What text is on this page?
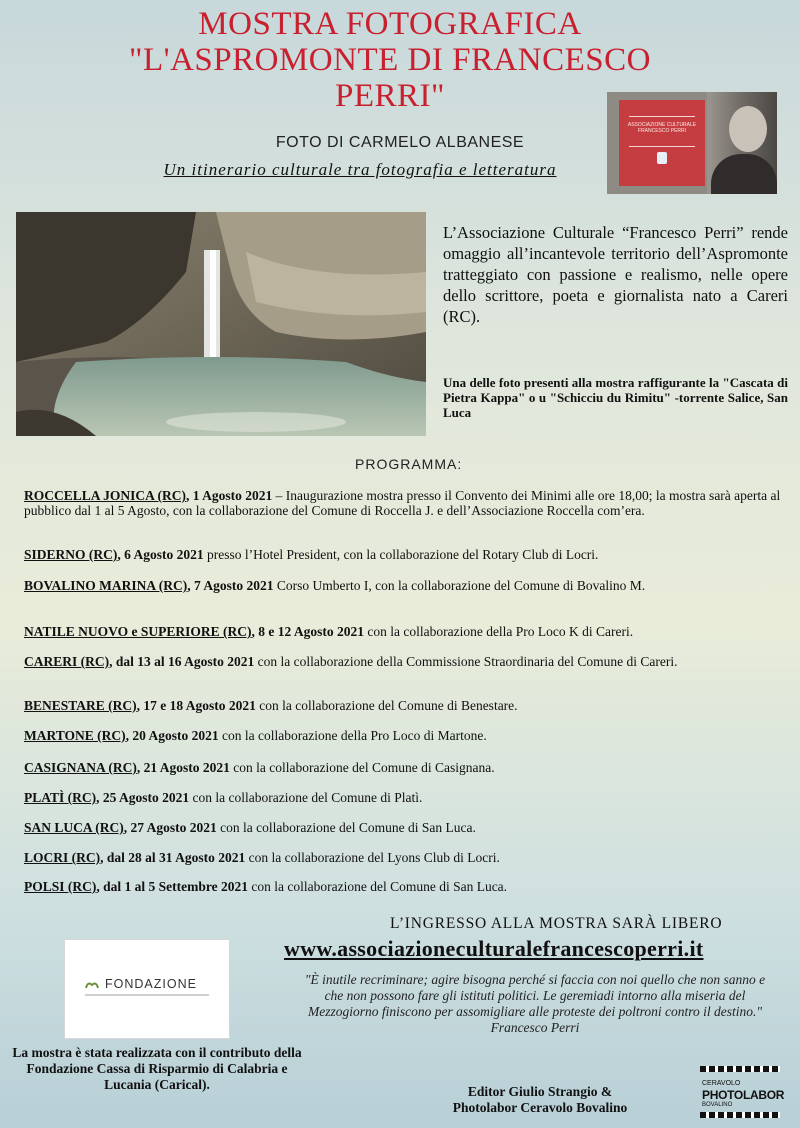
MOSTRA FOTOGRAFICA
"L'ASPROMONTE DI FRANCESCO
PERRI"
ASSOCIAZIONE CULTURALE FRANCESCO PERRI
FOTO DI CARMELO ALBANESE
Un itinerario culturale tra fotografia e letteratura
L’Associazione Culturale “Francesco Perri” rende omaggio all’incantevole territorio dell’Aspromonte tratteggiato con passione e realismo, nelle opere dello scrittore, poeta e giornalista nato a Careri (RC).
Una delle foto presenti alla mostra raffigurante la "Cascata di Pietra Kappa" o u "Schicciu du Rimitu" -torrente Salice, San Luca
PROGRAMMA:
ROCCELLA JONICA (RC), 1 Agosto 2021 – Inaugurazione mostra presso il Convento dei Minimi alle ore 18,00; la mostra sarà aperta al pubblico dal 1 al 5 Agosto, con la collaborazione del Comune di Roccella J. e dell’Associazione Roccella com’era.
SIDERNO (RC), 6 Agosto 2021 presso l’Hotel President, con la collaborazione del Rotary Club di Locri.
BOVALINO MARINA (RC), 7 Agosto 2021 Corso Umberto I, con la collaborazione del Comune di Bovalino M.
NATILE NUOVO e SUPERIORE (RC), 8 e 12 Agosto 2021 con la collaborazione della Pro Loco K di Careri.
CARERI (RC), dal 13 al 16 Agosto 2021 con la collaborazione della Commissione Straordinaria del Comune di Careri.
BENESTARE (RC), 17 e 18 Agosto 2021 con la collaborazione del Comune di Benestare.
MARTONE (RC), 20 Agosto 2021 con la collaborazione della Pro Loco di Martone.
CASIGNANA (RC), 21 Agosto 2021 con la collaborazione del Comune di Casignana.
PLATÌ (RC), 25 Agosto 2021 con la collaborazione del Comune di Platì.
SAN LUCA (RC), 27 Agosto 2021 con la collaborazione del Comune di San Luca.
LOCRI (RC), dal 28 al 31 Agosto 2021 con la collaborazione del Lyons Club di Locri.
POLSI (RC), dal 1 al 5 Settembre 2021 con la collaborazione del Comune di San Luca.
L’INGRESSO ALLA MOSTRA SARÀ LIBERO
www.associazioneculturalefrancescoperri.it
"È inutile recriminare; agire bisogna perché si faccia con noi quello che non sanno e che non possono fare gli istituti politici. Le geremiadi intorno alla miseria del Mezzogiorno finiscono per assomigliare alle proteste dei poltroni contro il destino."
Francesco Perri
FONDAZIONE
La mostra è stata realizzata con il contributo della Fondazione Cassa di Risparmio di Calabria e Lucania (Carical).	Editor Giulio Strangio &
Photolabor Ceravolo Bovalino
CERAVOLO
PHOTOLABOR
BOVALINO
